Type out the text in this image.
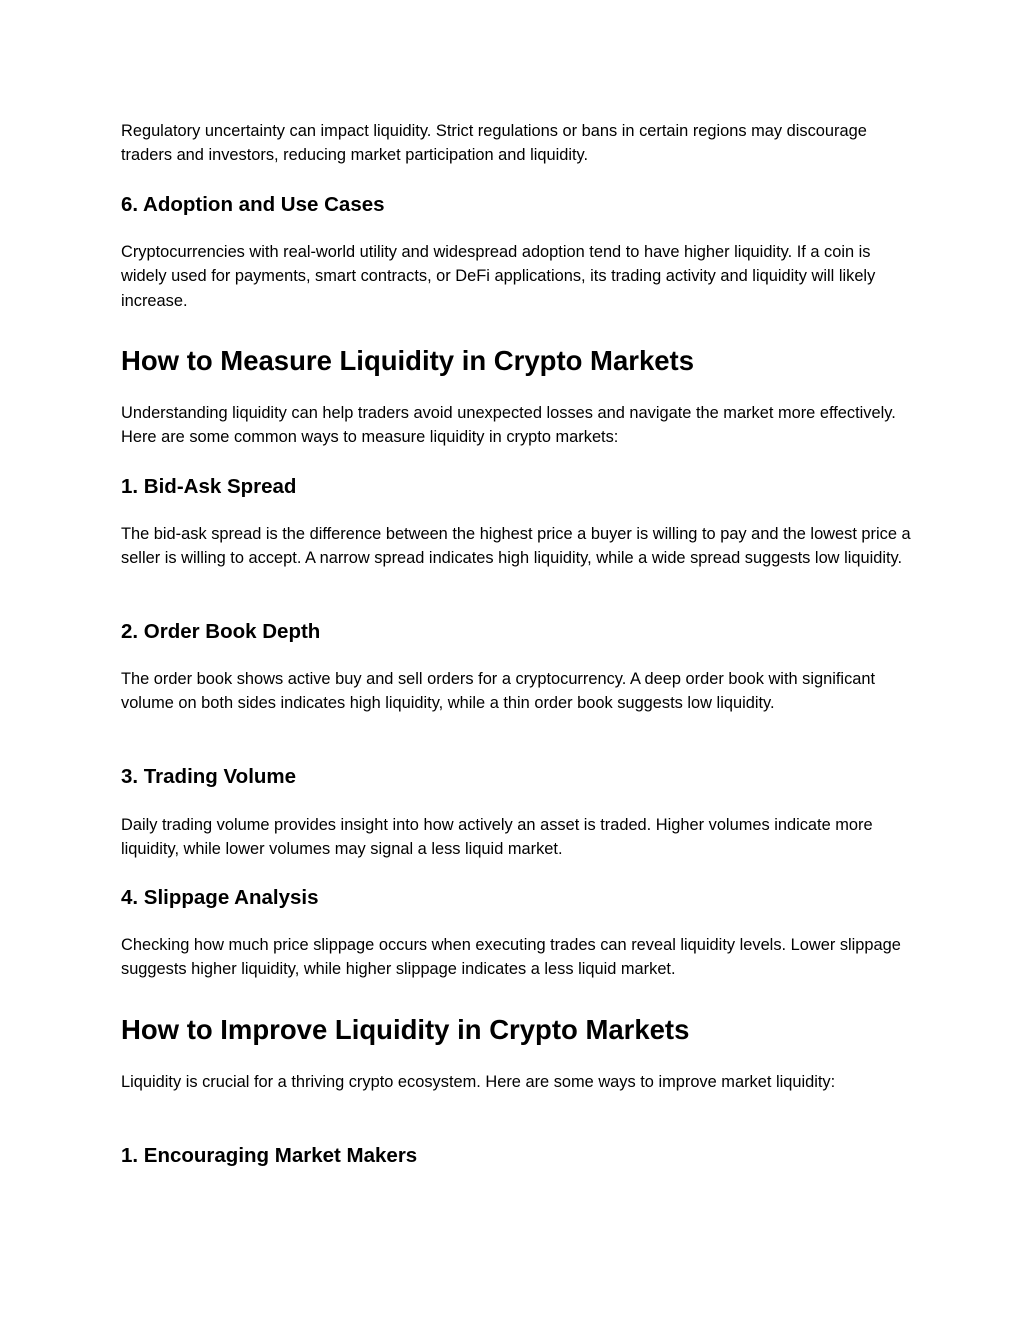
Regulatory uncertainty can impact liquidity. Strict regulations or bans in certain regions may discourage traders and investors, reducing market participation and liquidity.

6. Adoption and Use Cases

Cryptocurrencies with real-world utility and widespread adoption tend to have higher liquidity. If a coin is widely used for payments, smart contracts, or DeFi applications, its trading activity and liquidity will likely increase.

How to Measure Liquidity in Crypto Markets

Understanding liquidity can help traders avoid unexpected losses and navigate the market more effectively. Here are some common ways to measure liquidity in crypto markets:

1. Bid-Ask Spread

The bid-ask spread is the difference between the highest price a buyer is willing to pay and the lowest price a seller is willing to accept. A narrow spread indicates high liquidity, while a wide spread suggests low liquidity.

2. Order Book Depth

The order book shows active buy and sell orders for a cryptocurrency. A deep order book with significant volume on both sides indicates high liquidity, while a thin order book suggests low liquidity.

3. Trading Volume

Daily trading volume provides insight into how actively an asset is traded. Higher volumes indicate more liquidity, while lower volumes may signal a less liquid market.

4. Slippage Analysis

Checking how much price slippage occurs when executing trades can reveal liquidity levels. Lower slippage suggests higher liquidity, while higher slippage indicates a less liquid market.

How to Improve Liquidity in Crypto Markets

Liquidity is crucial for a thriving crypto ecosystem. Here are some ways to improve market liquidity:

1. Encouraging Market Makers
